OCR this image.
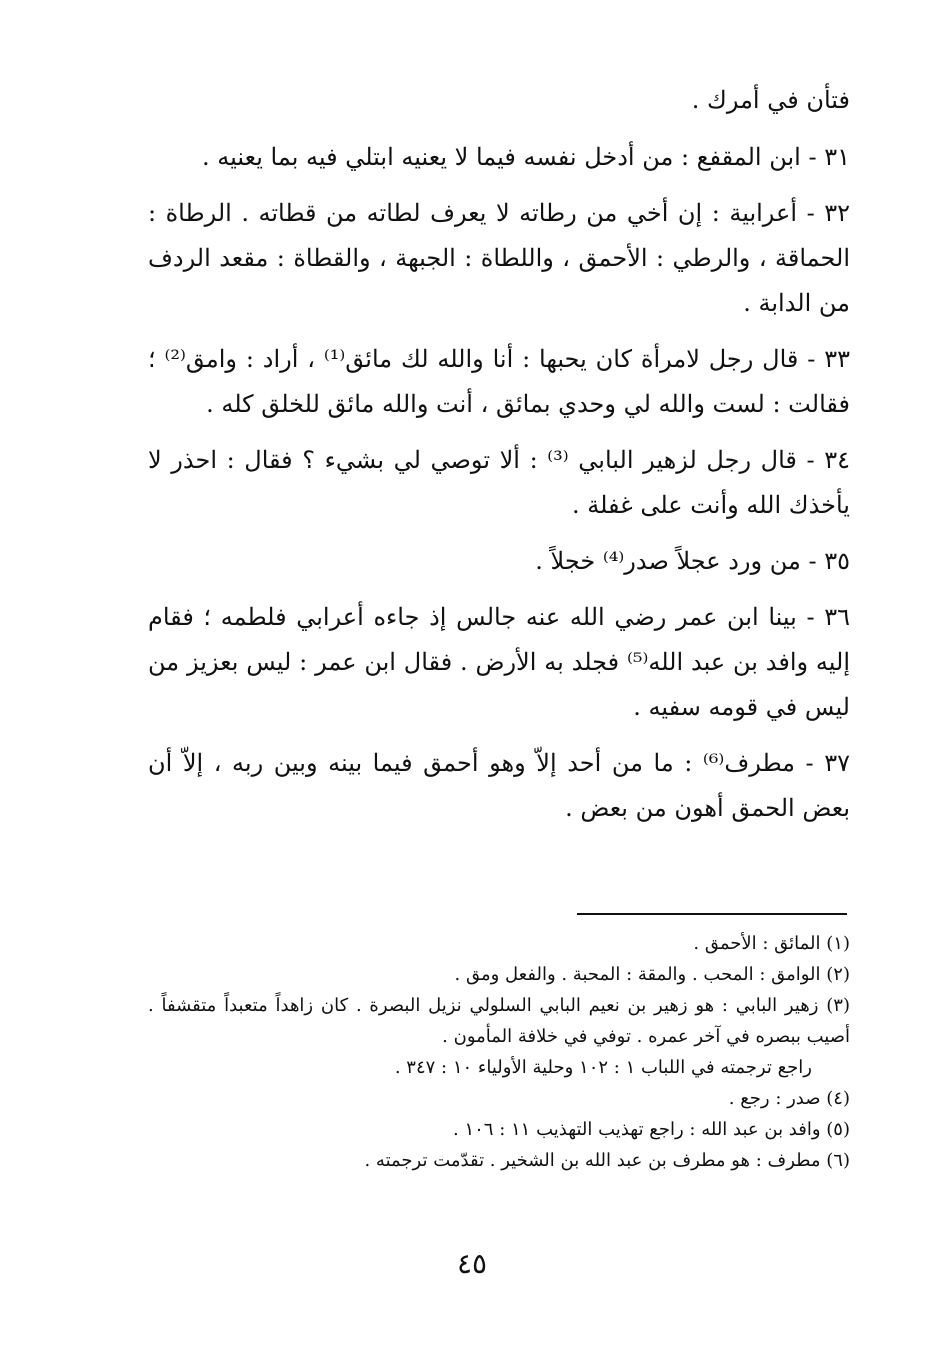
فتأن في أمرك .

٣١ - ابن المقفع : من أدخل نفسه فيما لا يعنيه ابتلي فيه بما يعنيه .

٣٢ - أعرابية : إن أخي من رطاته لا يعرف لطاته من قطاته . الرطاة : الحماقة ، والرطي : الأحمق ، واللطاة : الجبهة ، والقطاة : مقعد الردف من الدابة .

٣٣ - قال رجل لامرأة كان يحبها : أنا والله لك مائق⁽¹⁾ ، أراد : وامق⁽²⁾ ؛ فقالت : لست والله لي وحدي بمائق ، أنت والله مائق للخلق كله .

٣٤ - قال رجل لزهير البابي ⁽³⁾ : ألا توصي لي بشيء ؟ فقال : احذر لا يأخذك الله وأنت على غفلة .

٣٥ - من ورد عجلاً صدر⁽⁴⁾ خجلاً .

٣٦ - بينا ابن عمر رضي الله عنه جالس إذ جاءه أعرابي فلطمه ؛ فقام إليه وافد بن عبد الله⁽⁵⁾ فجلد به الأرض . فقال ابن عمر : ليس بعزيز من ليس في قومه سفيه .

٣٧ - مطرف⁽⁶⁾ : ما من أحد إلاّ وهو أحمق فيما بينه وبين ربه ، إلاّ أن بعض الحمق أهون من بعض .

(١) المائق : الأحمق .

(٢) الوامق : المحب . والمقة : المحبة . والفعل ومق .

(٣) زهير البابي : هو زهير بن نعيم البابي السلولي نزيل البصرة . كان زاهداً متعبداً متقشفاً . أصيب ببصره في آخر عمره . توفي في خلافة المأمون .

راجع ترجمته في اللباب ١ : ١٠٢ وحلية الأولياء ١٠ : ٣٤٧ .

(٤) صدر : رجع .

(٥) وافد بن عبد الله : راجع تهذيب التهذيب ١١ : ١٠٦ .

(٦) مطرف : هو مطرف بن عبد الله بن الشخير . تقدّمت ترجمته .

٤٥
